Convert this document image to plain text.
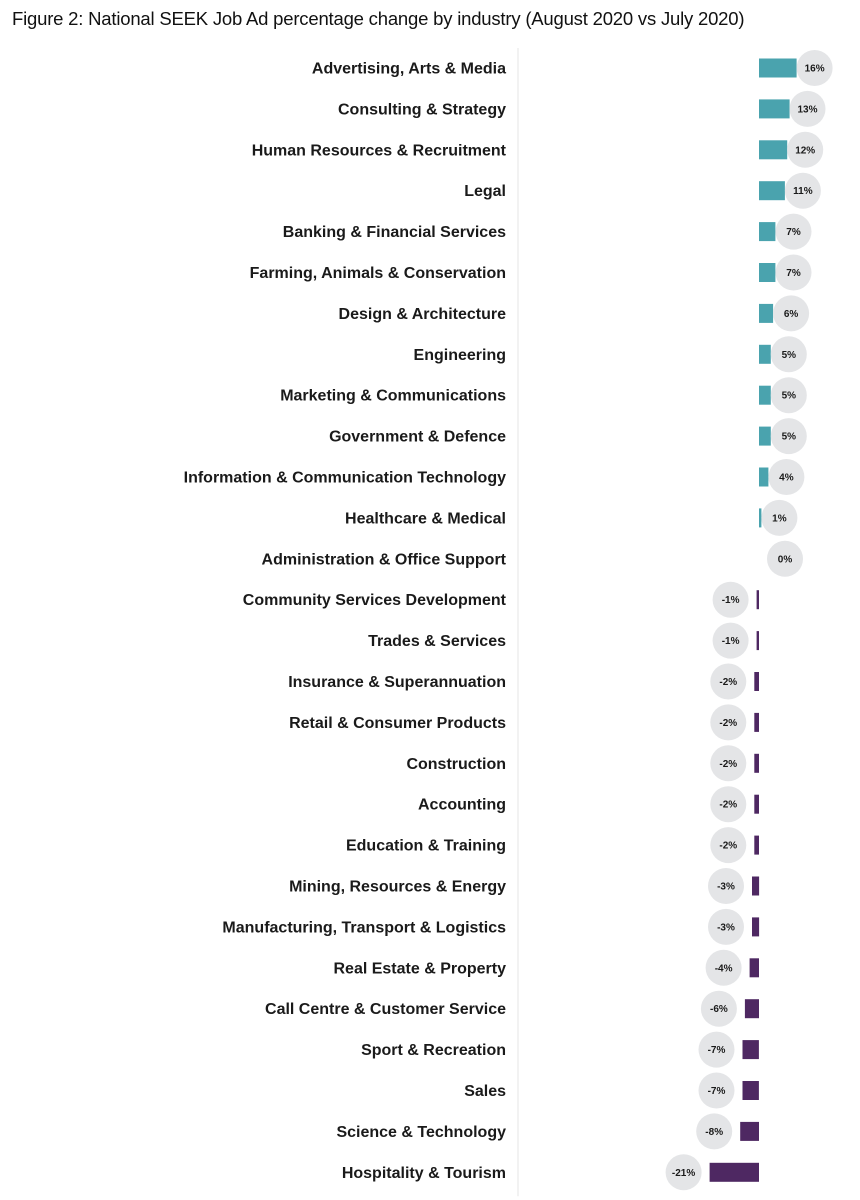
Figure 2: National SEEK Job Ad percentage change by industry (August 2020 vs July 2020)
Advertising, Arts & Media	16%
Consulting & Strategy	13%
Human Resources & Recruitment	12%
Legal	11%
Banking & Financial Services	7%
Farming, Animals & Conservation	7%
Design & Architecture	6%
Engineering	5%
Marketing & Communications	5%
Government & Defence	5%
Information & Communication Technology	4%
Healthcare & Medical	1%
Administration & Office Support	0%
Community Services Development	-1%
Trades & Services	-1%
Insurance & Superannuation	-2%
Retail & Consumer Products	-2%
Construction	-2%
Accounting	-2%
Education & Training	-2%
Mining, Resources & Energy	-3%
Manufacturing, Transport & Logistics	-3%
Real Estate & Property	-4%
Call Centre & Customer Service	-6%
Sport & Recreation	-7%
Sales	-7%
Science & Technology	-8%
Hospitality & Tourism	-21%
